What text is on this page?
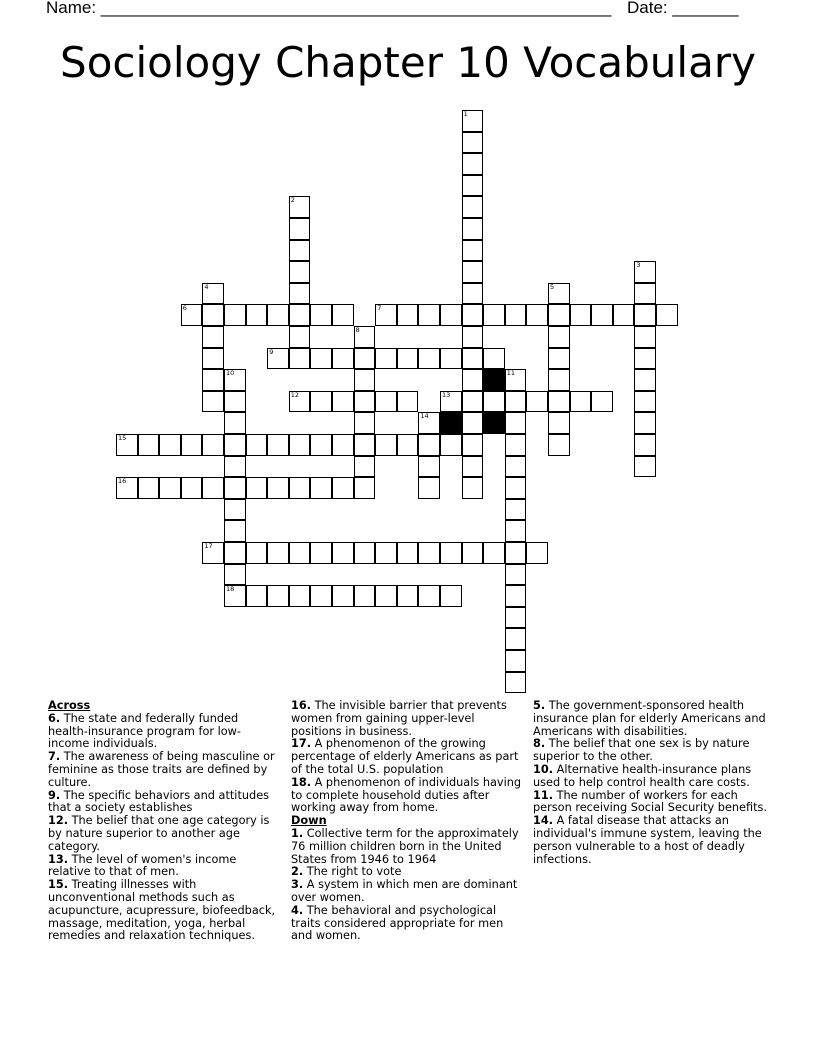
Name: ______________________________________________________ Date: _______
Sociology Chapter 10 Vocabulary
1
2
3
4	5
6	7
8
9
10
18
11
12	13
14
15
16
17

Across

6. The state and federally funded health-insurance program for low-income individuals.

7. The awareness of being masculine or feminine as those traits are defined by culture.

9. The specific behaviors and attitudes that a society establishes

12. The belief that one age category is by nature superior to another age category.

13. The level of women's income relative to that of men.

15. Treating illnesses with unconventional methods such as acupuncture, acupressure, biofeedback, massage, meditation, yoga, herbal remedies and relaxation techniques.

16. The invisible barrier that prevents women from gaining upper-level positions in business.

17. A phenomenon of the growing percentage of elderly Americans as part of the total U.S. population

18. A phenomenon of individuals having to complete household duties after working away from home.

Down

1. Collective term for the approximately 76 million children born in the United States from 1946 to 1964

2. The right to vote

3. A system in which men are dominant over women.

4. The behavioral and psychological traits considered appropriate for men and women.

5. The government-sponsored health insurance plan for elderly Americans and Americans with disabilities.

8. The belief that one sex is by nature superior to the other.

10. Alternative health-insurance plans used to help control health care costs.

11. The number of workers for each person receiving Social Security benefits.

14. A fatal disease that attacks an individual's immune system, leaving the person vulnerable to a host of deadly infections.
